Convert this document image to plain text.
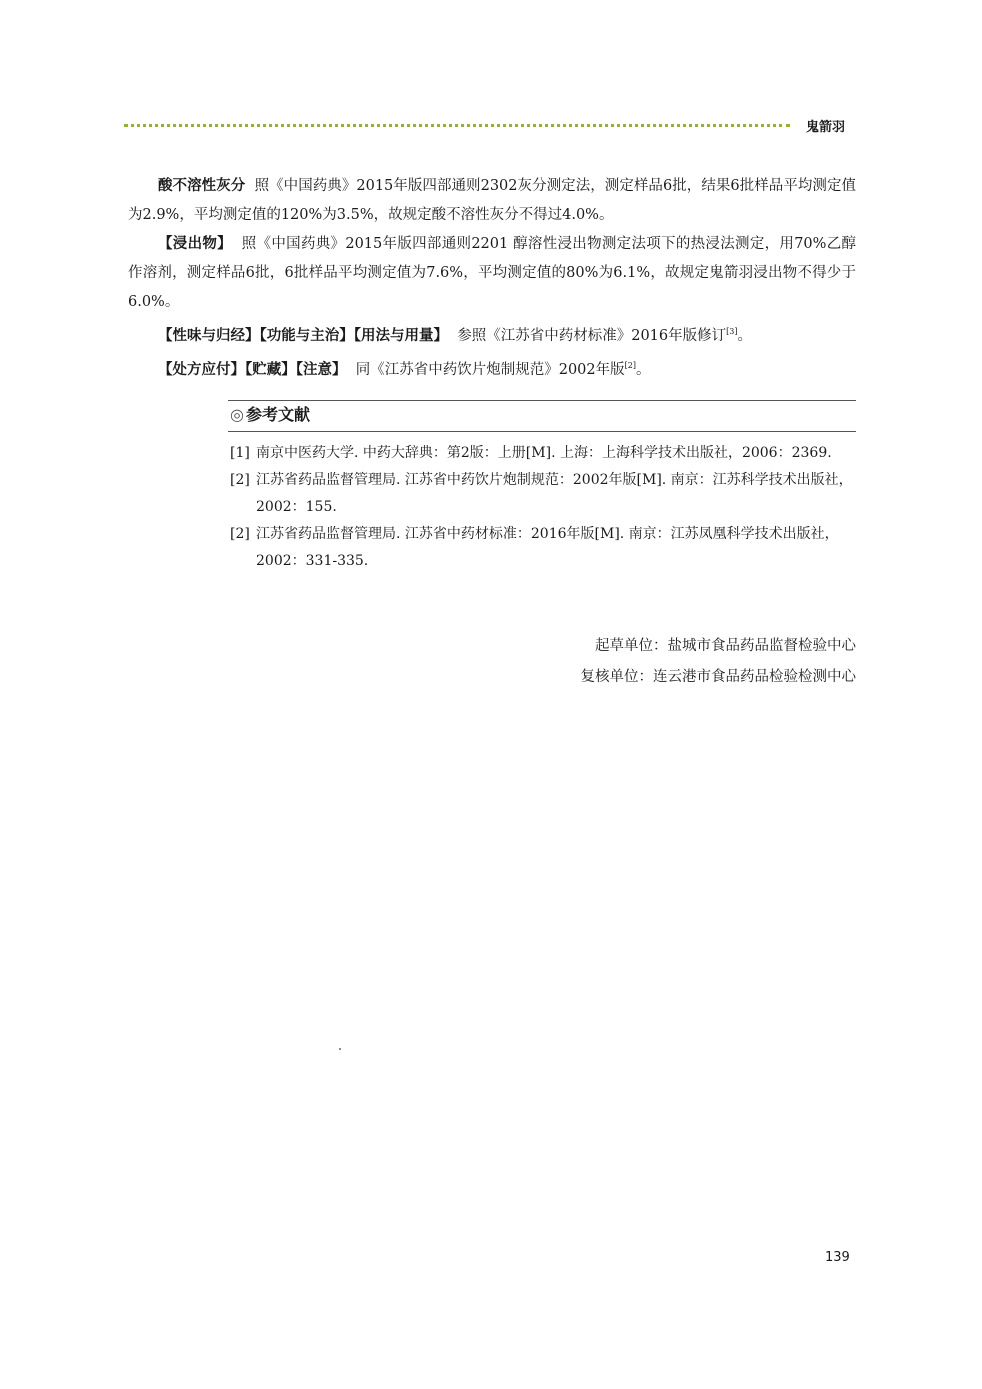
鬼箭羽

酸不溶性灰分 照《中国药典》2015年版四部通则2302灰分测定法，测定样品6批，结果6批样品平均测定值为2.9%，平均测定值的120%为3.5%，故规定酸不溶性灰分不得过4.0%。

【浸出物】 照《中国药典》2015年版四部通则2201 醇溶性浸出物测定法项下的热浸法测定，用70%乙醇作溶剂，测定样品6批，6批样品平均测定值为7.6%，平均测定值的80%为6.1%，故规定鬼箭羽浸出物不得少于6.0%。

【性味与归经】【功能与主治】【用法与用量】 参照《江苏省中药材标准》2016年版修订[3]。

【处方应付】【贮藏】【注意】 同《江苏省中药饮片炮制规范》2002年版[2]。

◎ 参考文献
[1] 南京中医药大学. 中药大辞典：第2版：上册[M]. 上海：上海科学技术出版社，2006：2369.
[2] 江苏省药品监督管理局. 江苏省中药饮片炮制规范：2002年版[M]. 南京：江苏科学技术出版社，2002：155.
[2] 江苏省药品监督管理局. 江苏省中药材标准：2016年版[M]. 南京：江苏凤凰科学技术出版社，2002：331-335.
起草单位：盐城市食品药品监督检验中心
复核单位：连云港市食品药品检验检测中心
139
